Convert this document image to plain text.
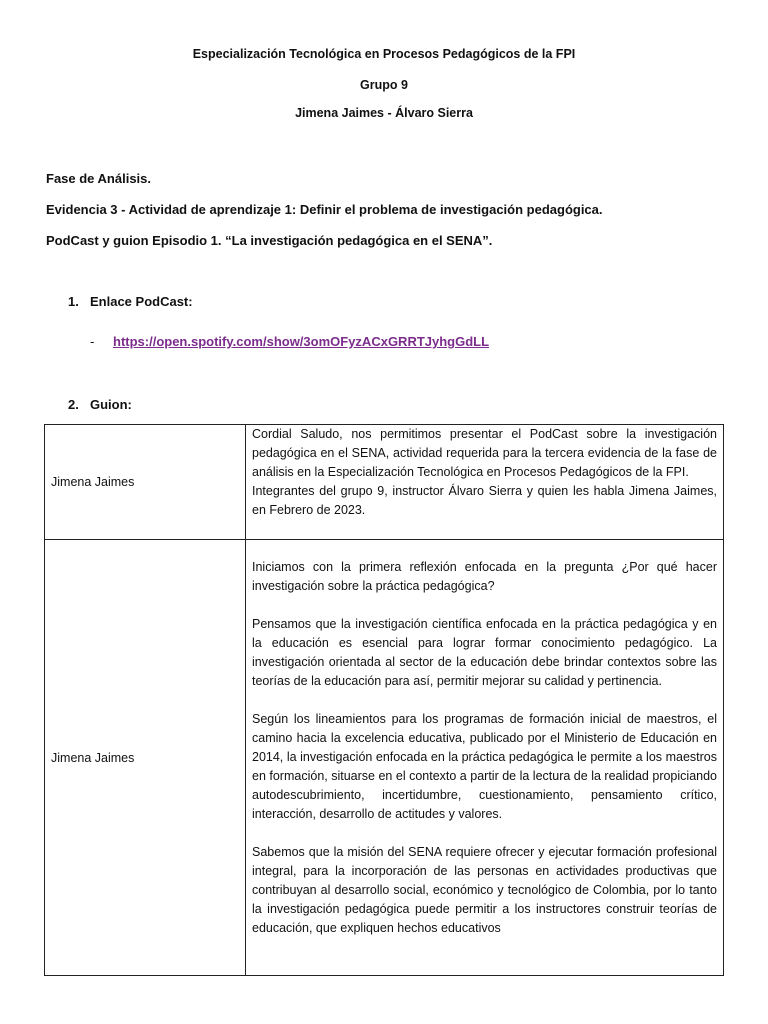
Especialización Tecnológica en Procesos Pedagógicos de la FPI
Grupo 9
Jimena Jaimes - Álvaro Sierra
Fase de Análisis.
Evidencia 3 - Actividad de aprendizaje 1: Definir el problema de investigación pedagógica.
PodCast y guion Episodio 1. “La investigación pedagógica en el SENA”.
1. Enlace PodCast:
- https://open.spotify.com/show/3omOFyzACxGRRTJyhgGdLL
2. Guion:
Jimena Jaimes	Cordial Saludo, nos permitimos presentar el PodCast sobre la investigación pedagógica en el SENA, actividad requerida para la tercera evidencia de la fase de análisis en la Especialización Tecnológica en Procesos Pedagógicos de la FPI.

Integrantes del grupo 9, instructor Álvaro Sierra y quien les habla Jimena Jaimes, en Febrero de 2023.

Jimena Jaimes	Iniciamos con la primera reflexión enfocada en la pregunta ¿Por qué hacer investigación sobre la práctica pedagógica?

Pensamos que la investigación científica enfocada en la práctica pedagógica y en la educación es esencial para lograr formar conocimiento pedagógico. La investigación orientada al sector de la educación debe brindar contextos sobre las teorías de la educación para así, permitir mejorar su calidad y pertinencia.

Según los lineamientos para los programas de formación inicial de maestros, el camino hacia la excelencia educativa, publicado por el Ministerio de Educación en 2014, la investigación enfocada en la práctica pedagógica le permite a los maestros en formación, situarse en el contexto a partir de la lectura de la realidad propiciando autodescubrimiento, incertidumbre, cuestionamiento, pensamiento crítico, interacción, desarrollo de actitudes y valores.

Sabemos que la misión del SENA requiere ofrecer y ejecutar formación profesional integral, para la incorporación de las personas en actividades productivas que contribuyan al desarrollo social, económico y tecnológico de Colombia, por lo tanto la investigación pedagógica puede permitir a los instructores construir teorías de educación, que expliquen hechos educativos
